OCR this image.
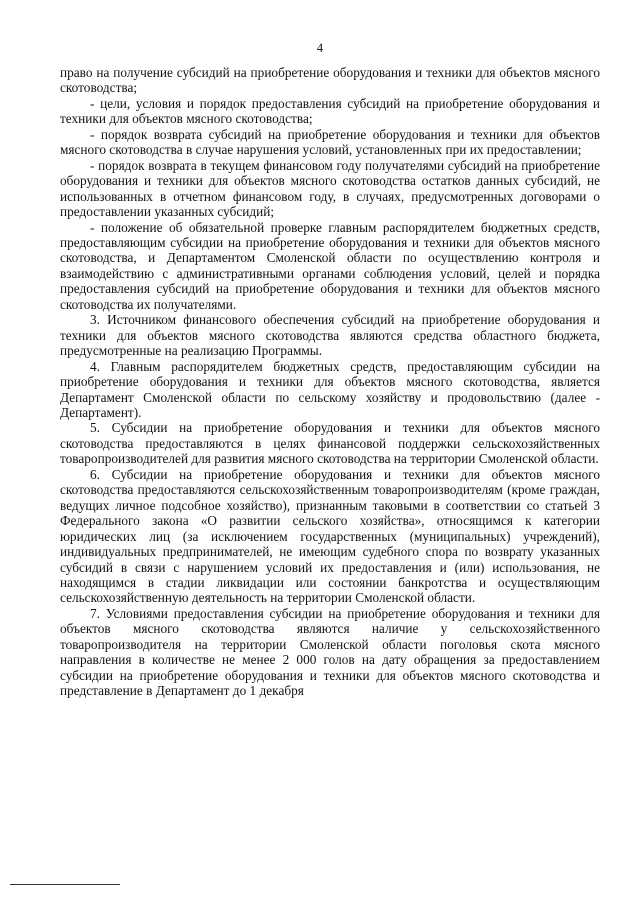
4

право на получение субсидий на приобретение оборудования и техники для объектов мясного скотоводства;

- цели, условия и порядок предоставления субсидий на приобретение оборудования и техники для объектов мясного скотоводства;

- порядок возврата субсидий на приобретение оборудования и техники для объектов мясного скотоводства в случае нарушения условий, установленных при их предоставлении;

- порядок возврата в текущем финансовом году получателями субсидий на приобретение оборудования и техники для объектов мясного скотоводства остатков данных субсидий, не использованных в отчетном финансовом году, в случаях, предусмотренных договорами о предоставлении указанных субсидий;

- положение об обязательной проверке главным распорядителем бюджетных средств, предоставляющим субсидии на приобретение оборудования и техники для объектов мясного скотоводства, и Департаментом Смоленской области по осуществлению контроля и взаимодействию с административными органами соблюдения условий, целей и порядка предоставления субсидий на приобретение оборудования и техники для объектов мясного скотоводства их получателями.

3. Источником финансового обеспечения субсидий на приобретение оборудования и техники для объектов мясного скотоводства являются средства областного бюджета, предусмотренные на реализацию Программы.

4. Главным распорядителем бюджетных средств, предоставляющим субсидии на приобретение оборудования и техники для объектов мясного скотоводства, является Департамент Смоленской области по сельскому хозяйству и продовольствию (далее - Департамент).

5. Субсидии на приобретение оборудования и техники для объектов мясного скотоводства предоставляются в целях финансовой поддержки сельскохозяйственных товаропроизводителей для развития мясного скотоводства на территории Смоленской области.

6. Субсидии на приобретение оборудования и техники для объектов мясного скотоводства предоставляются сельскохозяйственным товаропроизводителям (кроме граждан, ведущих личное подсобное хозяйство), признанным таковыми в соответствии со статьей 3 Федерального закона «О развитии сельского хозяйства», относящимся к категории юридических лиц (за исключением государственных (муниципальных) учреждений), индивидуальных предпринимателей, не имеющим судебного спора по возврату указанных субсидий в связи с нарушением условий их предоставления и (или) использования, не находящимся в стадии ликвидации или состоянии банкротства и осуществляющим сельскохозяйственную деятельность на территории Смоленской области.

7. Условиями предоставления субсидии на приобретение оборудования и техники для объектов мясного скотоводства являются наличие у сельскохозяйственного товаропроизводителя на территории Смоленской области поголовья скота мясного направления в количестве не менее 2 000 голов на дату обращения за предоставлением субсидии на приобретение оборудования и техники для объектов мясного скотоводства и представление в Департамент до 1 декабря
